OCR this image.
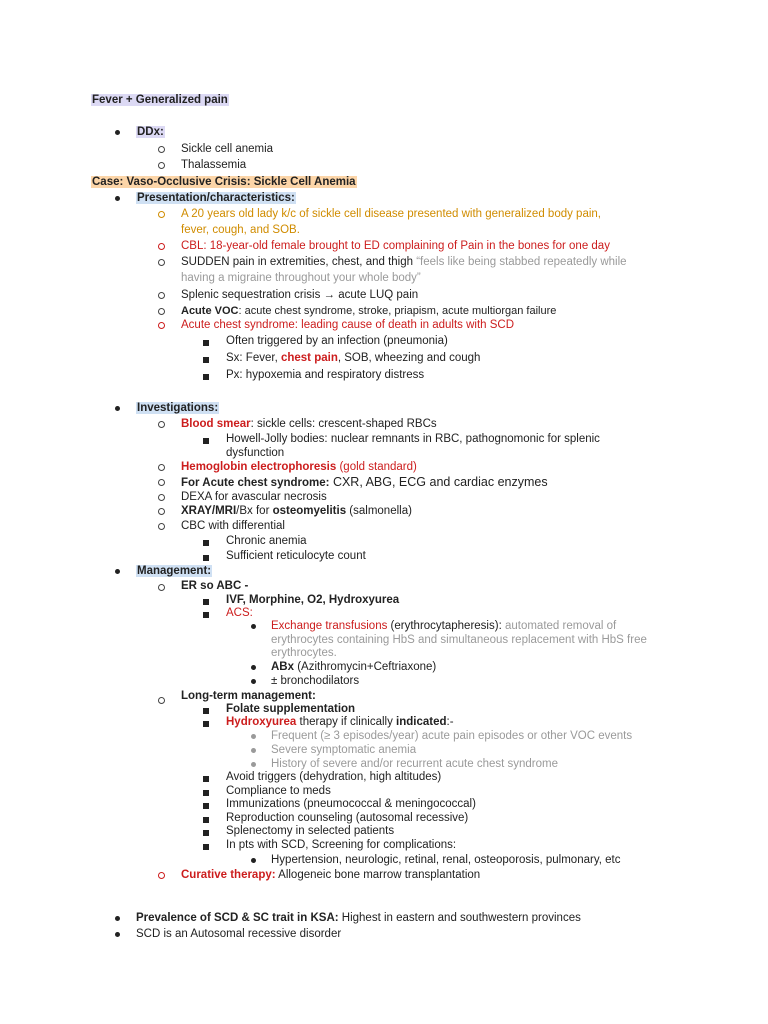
Fever + Generalized pain
DDx:
Sickle cell anemia
Thalassemia
Case: Vaso-Occlusive Crisis: Sickle Cell Anemia
Presentation/characteristics:
A 20 years old lady k/c of sickle cell disease presented with generalized body pain,
fever, cough, and SOB.
CBL: 18-year-old female brought to ED complaining of Pain in the bones for one day
SUDDEN pain in extremities, chest, and thigh “feels like being stabbed repeatedly while
having a migraine throughout your whole body”
Splenic sequestration crisis → acute LUQ pain
Acute VOC: acute chest syndrome, stroke, priapism, acute multiorgan failure
Acute chest syndrome: leading cause of death in adults with SCD
Often triggered by an infection (pneumonia)
Sx: Fever, chest pain, SOB, wheezing and cough
Px: hypoxemia and respiratory distress
Investigations:
Blood smear: sickle cells: crescent-shaped RBCs
Howell-Jolly bodies: nuclear remnants in RBC, pathognomonic for splenic
dysfunction
Hemoglobin electrophoresis (gold standard)
For Acute chest syndrome: CXR, ABG, ECG and cardiac enzymes
DEXA for avascular necrosis
XRAY/MRI/Bx for osteomyelitis (salmonella)
CBC with differential
Chronic anemia
Sufficient reticulocyte count
Management:
ER so ABC -
IVF, Morphine, O2, Hydroxyurea
ACS:
Exchange transfusions (erythrocytapheresis): automated removal of
erythrocytes containing HbS and simultaneous replacement with HbS free
erythrocytes.
ABx (Azithromycin+Ceftriaxone)
± bronchodilators
Long-term management:
Folate supplementation
Hydroxyurea therapy if clinically indicated:-
Frequent (≥ 3 episodes/year) acute pain episodes or other VOC events
Severe symptomatic anemia
History of severe and/or recurrent acute chest syndrome
Avoid triggers (dehydration, high altitudes)
Compliance to meds
Immunizations (pneumococcal & meningococcal)
Reproduction counseling (autosomal recessive)
Splenectomy in selected patients
In pts with SCD, Screening for complications:
Hypertension, neurologic, retinal, renal, osteoporosis, pulmonary, etc
Curative therapy: Allogeneic bone marrow transplantation
Prevalence of SCD & SC trait in KSA: Highest in eastern and southwestern provinces
SCD is an Autosomal recessive disorder
